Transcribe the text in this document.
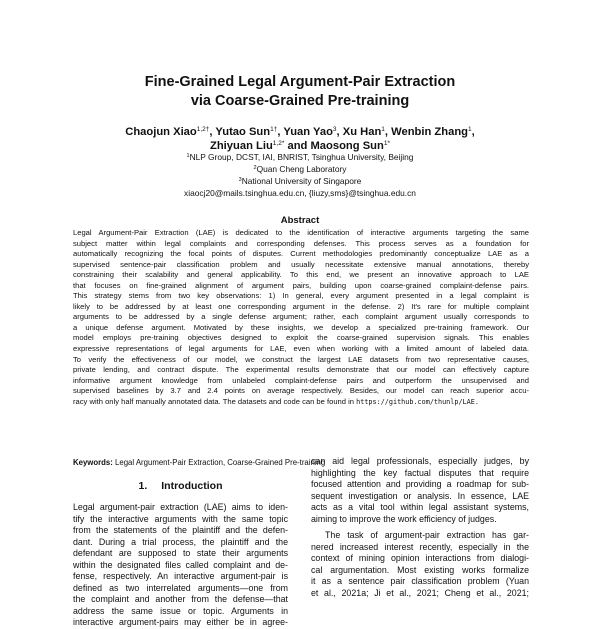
Fine-Grained Legal Argument-Pair Extraction
via Coarse-Grained Pre-training
Chaojun Xiao$^{1,2\dagger}$, Yutao Sun$^{1\dagger}$, Yuan Yao$^3$, Xu Han$^1$, Wenbin Zhang$^1$,
Zhiyuan Liu$^{1,2*}$ and Maosong Sun$^{1*}$
$^1$NLP Group, DCST, IAI, BNRIST, Tsinghua University, Beijing
$^2$Quan Cheng Laboratory
$^3$National University of Singapore
xiaocj20@mails.tsinghua.edu.cn, {liuzy,sms}@tsinghua.edu.cn
Abstract
Legal Argument-Pair Extraction (LAE) is dedicated to the identification of interactive arguments targeting the same
subject matter within legal complaints and corresponding defenses. This process serves as a foundation for
automatically recognizing the focal points of disputes. Current methodologies predominantly conceptualize LAE as a
supervised sentence-pair classification problem and usually necessitate extensive manual annotations, thereby
constraining their scalability and general applicability. To this end, we present an innovative approach to LAE
that focuses on fine-grained alignment of argument pairs, building upon coarse-grained complaint-defense pairs.
This strategy stems from two key observations: 1) In general, every argument presented in a legal complaint is
likely to be addressed by at least one corresponding argument in the defense. 2) It's rare for multiple complaint
arguments to be addressed by a single defense argument; rather, each complaint argument usually corresponds to
a unique defense argument. Motivated by these insights, we develop a specialized pre-training framework. Our
model employs pre-training objectives designed to exploit the coarse-grained supervision signals. This enables
expressive representations of legal arguments for LAE, even when working with a limited amount of labeled data.
To verify the effectiveness of our model, we construct the largest LAE datasets from two representative causes,
private lending, and contract dispute. The experimental results demonstrate that our model can effectively capture
informative argument knowledge from unlabeled complaint-defense pairs and outperform the unsupervised and
supervised baselines by 3.7 and 2.4 points on average respectively. Besides, our model can reach superior accu-
racy with only half manually annotated data. The datasets and code can be found in https://github.com/thunlp/LAE.
Keywords: Legal Argument-Pair Extraction, Coarse-Grained Pre-training
1. Introduction
Legal argument-pair extraction (LAE) aims to iden-
tify the interactive arguments with the same topic
from the statements of the plaintiff and the defen-
dant. During a trial process, the plaintiff and the
defendant are supposed to state their arguments
within the designated files called complaint and de-
fense, respectively. An interactive argument-pair is
defined as two interrelated arguments—one from
the complaint and another from the defense—that
address the same issue or topic. Arguments in
interactive argument-pairs may either be in agree-
can aid legal professionals, especially judges, by
highlighting the key factual disputes that require
focused attention and providing a roadmap for sub-
sequent investigation or analysis. In essence, LAE
acts as a vital tool within legal assistant systems,
aiming to improve the work efficiency of judges.
The task of argument-pair extraction has gar-
nered increased interest recently, especially in the
context of mining opinion interactions from dialogi-
cal argumentation. Most existing works formalize
it as a sentence pair classification problem (Yuan
et al., 2021a; Ji et al., 2021; Cheng et al., 2021;
